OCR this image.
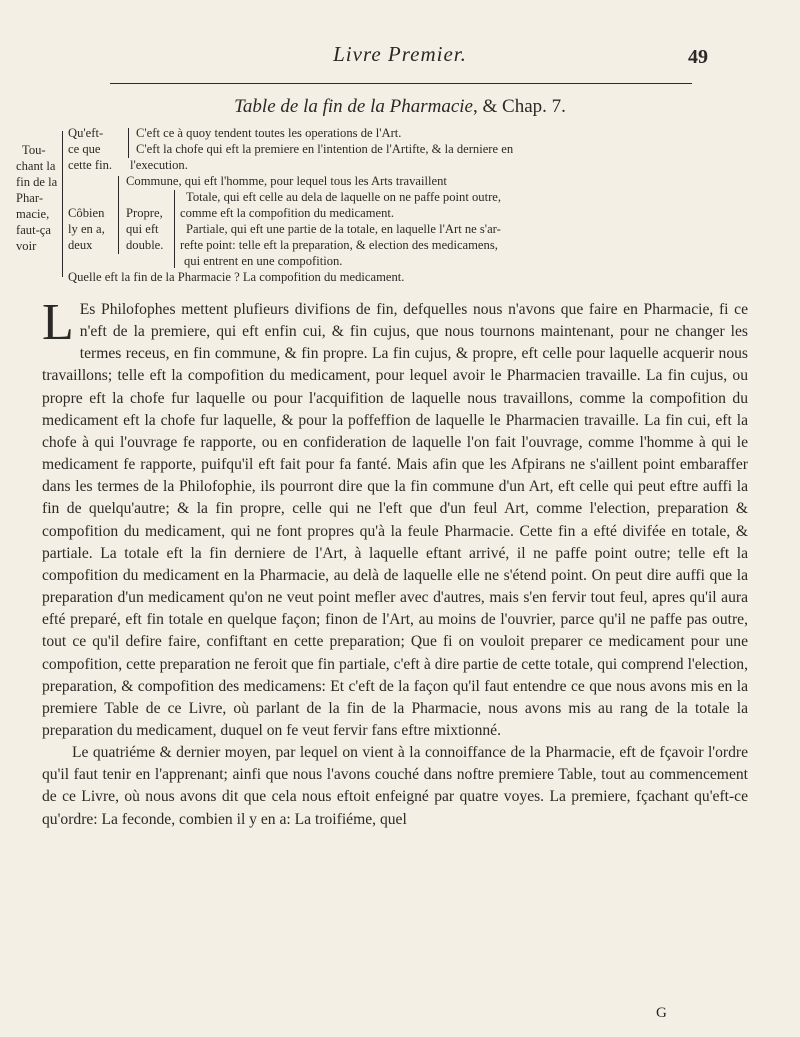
Livre Premier.	49
Table de la fin de la Pharmacie, & Chap. 7.
Tou-
chant la
fin de la
Phar-
macie,
faut-ça
voir
Qu'eft-
ce que
cette fin.
C'eft ce à quoy tendent toutes les operations de l'Art.
C'eft la chofe qui eft la premiere en l'intention de l'Artifte, & la derniere en
l'execution.
Côbien
ly en a,
deux
Commune, qui eft l'homme, pour lequel tous les Arts travaillent
Propre,
qui eft
double.
Totale, qui eft celle au dela de laquelle on ne paffe point outre,
comme eft la compofition du medicament.
Partiale, qui eft une partie de la totale, en laquelle l'Art ne s'ar-
refte point: telle eft la preparation, & election des medicamens,
qui entrent en une compofition.
Quelle eft la fin de la Pharmacie ? La compofition du medicament.

L Es Philofophes mettent plufieurs divifions de fin, defquelles nous n'avons que faire en Pharmacie, fi ce n'eft de la premiere, qui eft enfin cui, & fin cujus, que nous tournons maintenant, pour ne changer les termes receus, en fin commune, & fin propre. La fin cujus, & propre, eft celle pour laquelle acquerir nous travaillons; telle eft la compofition du medicament, pour lequel avoir le Pharmacien travaille. La fin cujus, ou propre eft la chofe fur laquelle ou pour l'acquifition de laquelle nous travaillons, comme la compofition du medicament eft la chofe fur laquelle, & pour la poffeffion de laquelle le Pharmacien travaille. La fin cui, eft la chofe à qui l'ouvrage fe rapporte, ou en confideration de laquelle l'on fait l'ouvrage, comme l'homme à qui le medicament fe rapporte, puifqu'il eft fait pour fa fanté. Mais afin que les Afpirans ne s'aillent point embaraffer dans les termes de la Philofophie, ils pourront dire que la fin commune d'un Art, eft celle qui peut eftre auffi la fin de quelqu'autre; & la fin propre, celle qui ne l'eft que d'un feul Art, comme l'election, preparation & compofition du medicament, qui ne font propres qu'à la feule Pharmacie. Cette fin a efté divifée en totale, & partiale. La totale eft la fin derniere de l'Art, à laquelle eftant arrivé, il ne paffe point outre; telle eft la compofition du medicament en la Pharmacie, au delà de laquelle elle ne s'étend point. On peut dire auffi que la preparation d'un medicament qu'on ne veut point mefler avec d'autres, mais s'en fervir tout feul, apres qu'il aura efté preparé, eft fin totale en quelque façon; finon de l'Art, au moins de l'ouvrier, parce qu'il ne paffe pas outre, tout ce qu'il defire faire, confiftant en cette preparation; Que fi on vouloit preparer ce medicament pour une compofition, cette preparation ne feroit que fin partiale, c'eft à dire partie de cette totale, qui comprend l'election, preparation, & compofition des medicamens: Et c'eft de la façon qu'il faut entendre ce que nous avons mis en la premiere Table de ce Livre, où parlant de la fin de la Pharmacie, nous avons mis au rang de la totale la preparation du medicament, duquel on fe veut fervir fans eftre mixtionné.

Le quatriéme & dernier moyen, par lequel on vient à la connoiffance de la Pharmacie, eft de fçavoir l'ordre qu'il faut tenir en l'apprenant; ainfi que nous l'avons couché dans noftre premiere Table, tout au commencement de ce Livre, où nous avons dit que cela nous eftoit enfeigné par quatre voyes. La premiere, fçachant qu'eft-ce qu'ordre: La feconde, combien il y en a: La troifiéme, quel

G
